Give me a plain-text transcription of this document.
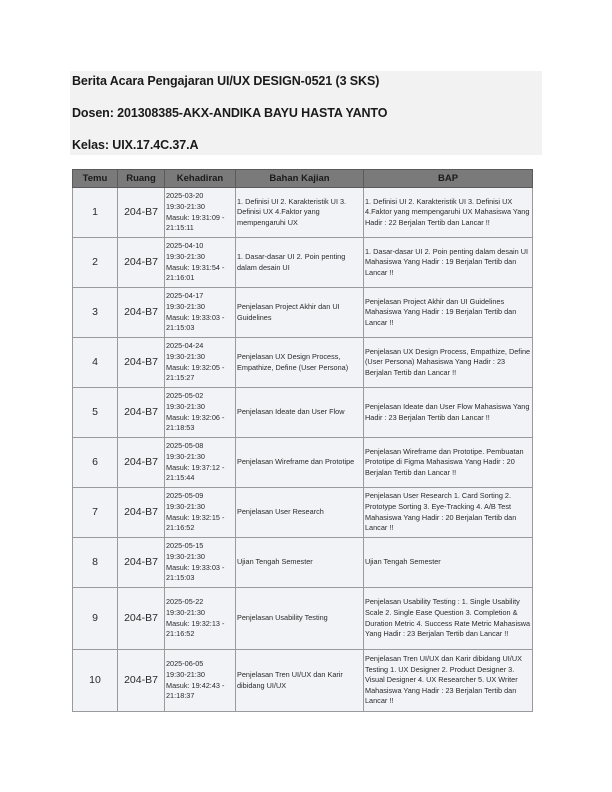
Berita Acara Pengajaran UI/UX DESIGN-0521 (3 SKS)
Dosen: 201308385-AKX-ANDIKA BAYU HASTA YANTO
Kelas: UIX.17.4C.37.A
Temu	Ruang	Kehadiran	Bahan Kajian	BAP
1	204-B7	2025-03-20
19:30-21:30
Masuk: 19:31:09 -
21:15:11	1. Definisi UI 2. Karakteristik UI 3. Definisi UX 4.Faktor yang mempengaruhi UX	1. Definisi UI 2. Karakteristik UI 3. Definisi UX 4.Faktor yang mempengaruhi UX Mahasiswa Yang Hadir : 22 Berjalan Tertib dan Lancar !!
2	204-B7	2025-04-10
19:30-21:30
Masuk: 19:31:54 -
21:16:01	1. Dasar-dasar UI 2. Poin penting dalam desain UI	1. Dasar-dasar UI 2. Poin penting dalam desain UI Mahasiswa Yang Hadir : 19 Berjalan Tertib dan Lancar !!
3	204-B7	2025-04-17
19:30-21:30
Masuk: 19:33:03 -
21:15:03	Penjelasan Project Akhir dan UI Guidelines	Penjelasan Project Akhir dan UI Guidelines Mahasiswa Yang Hadir : 19 Berjalan Tertib dan Lancar !!
4	204-B7	2025-04-24
19:30-21:30
Masuk: 19:32:05 -
21:15:27	Penjelasan UX Design Process, Empathize, Define (User Persona)	Penjelasan UX Design Process, Empathize, Define (User Persona) Mahasiswa Yang Hadir : 23 Berjalan Tertib dan Lancar !!
5	204-B7	2025-05-02
19:30-21:30
Masuk: 19:32:06 -
21:18:53	Penjelasan Ideate dan User Flow	Penjelasan Ideate dan User Flow Mahasiswa Yang Hadir : 23 Berjalan Tertib dan Lancar !!
6	204-B7	2025-05-08
19:30-21:30
Masuk: 19:37:12 -
21:15:44	Penjelasan Wireframe dan Prototipe	Penjelasan Wireframe dan Prototipe. Pembuatan Prototipe di Figma Mahasiswa Yang Hadir : 20 Berjalan Tertib dan Lancar !!
7	204-B7	2025-05-09
19:30-21:30
Masuk: 19:32:15 -
21:16:52	Penjelasan User Research	Penjelasan User Research 1. Card Sorting 2. Prototype Sorting 3. Eye-Tracking 4. A/B Test Mahasiswa Yang Hadir : 20 Berjalan Tertib dan Lancar !!
8	204-B7	2025-05-15
19:30-21:30
Masuk: 19:33:03 -
21:15:03	Ujian Tengah Semester	Ujian Tengah Semester
9	204-B7	2025-05-22
19:30-21:30
Masuk: 19:32:13 -
21:16:52	Penjelasan Usability Testing	Penjelasan Usability Testing : 1. Single Usability Scale 2. Single Ease Question 3. Completion & Duration Metric 4. Success Rate Metric Mahasiswa Yang Hadir : 23 Berjalan Tertib dan Lancar !!
10	204-B7	2025-06-05
19:30-21:30
Masuk: 19:42:43 -
21:18:37	Penjelasan Tren UI/UX dan Karir dibidang UI/UX	Penjelasan Tren UI/UX dan Karir dibidang UI/UX Testing 1. UX Designer 2. Product Designer 3. Visual Designer 4. UX Researcher 5. UX Writer Mahasiswa Yang Hadir : 23 Berjalan Tertib dan Lancar !!
